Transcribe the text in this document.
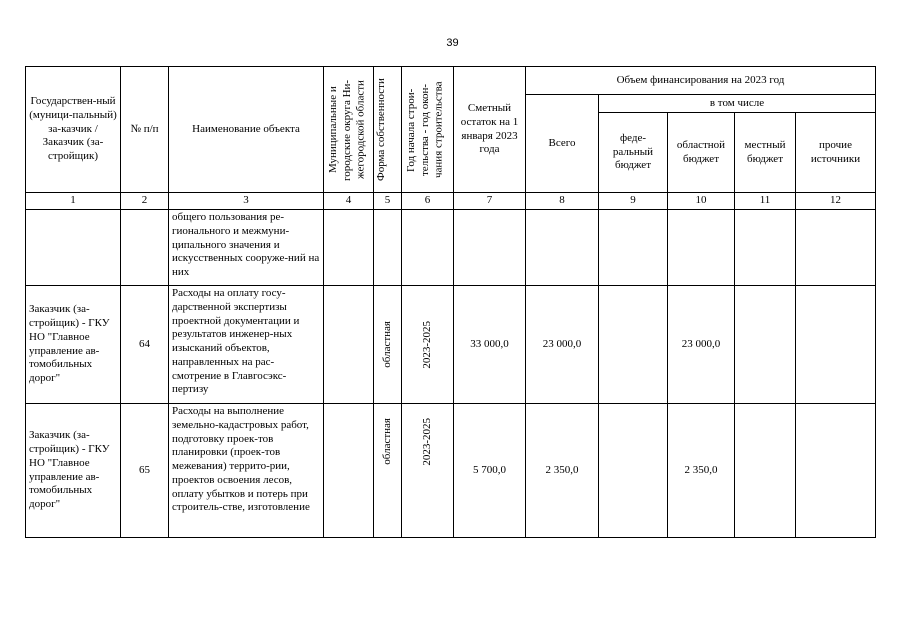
39
Государствен-ный (муници-пальный) за-казчик / Заказчик (за-стройщик)	№ п/п	Наименование объекта	Муниципальные и городские округа Ни-жегородской области	Форма собственности	Год начала строи-тельства - год окон-чания строительства	Сметный остаток на 1 января 2023 года	Объем финансирования на 2023 год				
							Всего	в том числе			
								феде-ральный бюджет	областной бюджет	местный бюджет	прочие источники
1	2	3	4	5	6	7	8	9	10	11	12
		общего пользования ре-гионального и межмуни-ципального значения и искусственных сооруже-ний на них									
Заказчик (за-стройщик) - ГКУ НО "Главное управление ав-томобильных дорог"	64	Расходы на оплату госу-дарственной экспертизы проектной документации и результатов инженер-ных изысканий объектов, направленных на рас-смотрение в Главгосэкс-пертизу		областная	2023-2025	33 000,0	23 000,0		23 000,0		
Заказчик (за-стройщик) - ГКУ НО "Главное управление ав-томобильных дорог"	65	Расходы на выполнение земельно-кадастровых работ, подготовку проек-тов планировки (проек-тов межевания) террито-рии, проектов освоения лесов, оплату убытков и потерь при строитель-стве, изготовление		областная	2023-2025	5 700,0	2 350,0		2 350,0		
